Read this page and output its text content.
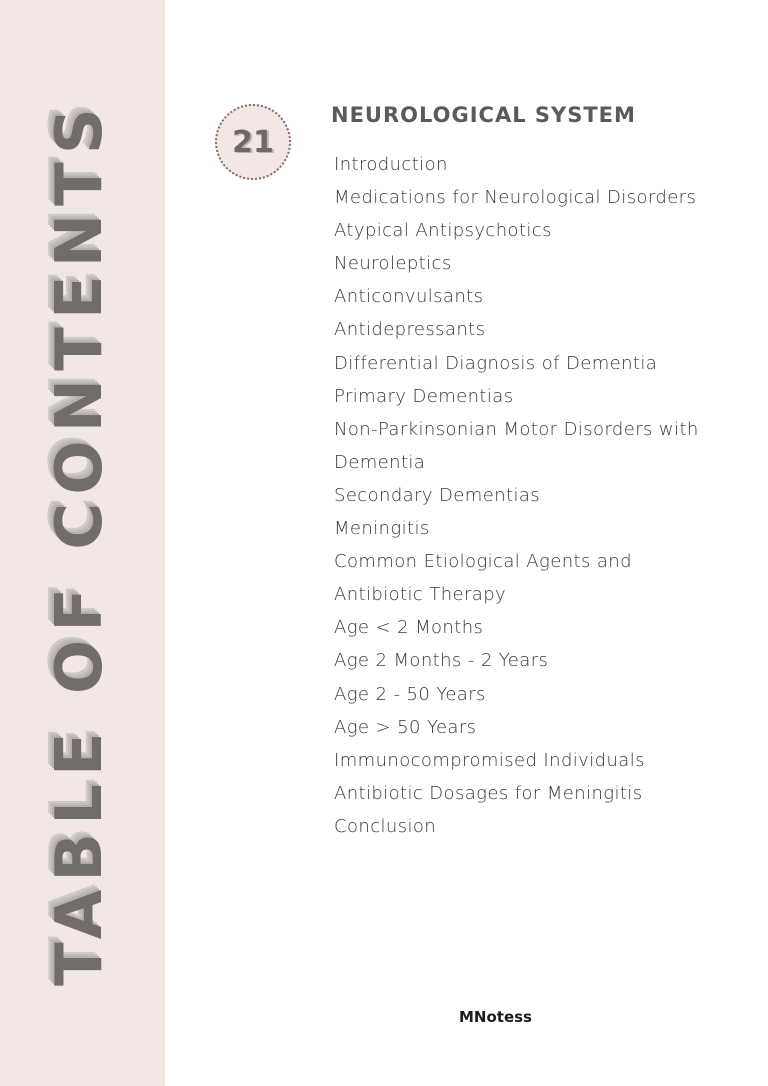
TABLE OF CONTENTS	21
NEUROLOGICAL SYSTEM
Introduction
Medications for Neurological Disorders
Atypical Antipsychotics
Neuroleptics
Anticonvulsants
Antidepressants
Differential Diagnosis of Dementia
Primary Dementias
Non-Parkinsonian Motor Disorders with
Dementia
Secondary Dementias
Meningitis
Common Etiological Agents and
Antibiotic Therapy
Age < 2 Months
Age 2 Months - 2 Years
Age 2 - 50 Years
Age > 50 Years
Immunocompromised Individuals
Antibiotic Dosages for Meningitis
Conclusion
MNotess
